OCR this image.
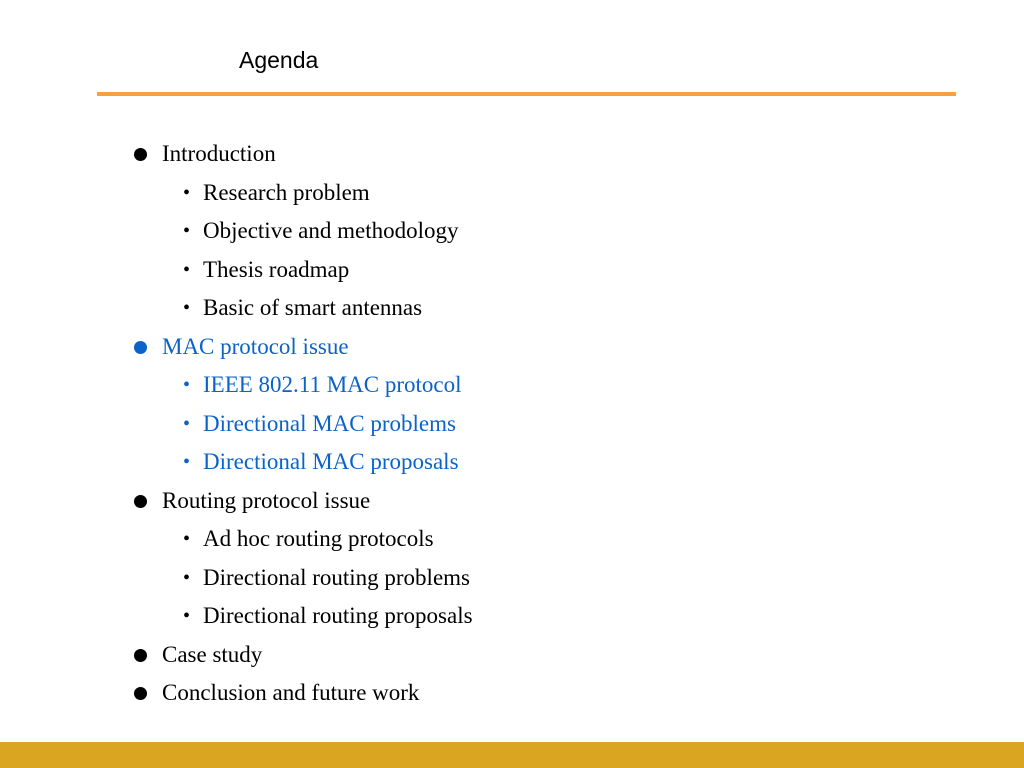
Agenda
Introduction
• Research problem
• Objective and methodology
• Thesis roadmap
• Basic of smart antennas
MAC protocol issue
• IEEE 802.11 MAC protocol
• Directional MAC problems
• Directional MAC proposals
Routing protocol issue
• Ad hoc routing protocols
• Directional routing problems
• Directional routing proposals
Case study
Conclusion and future work
